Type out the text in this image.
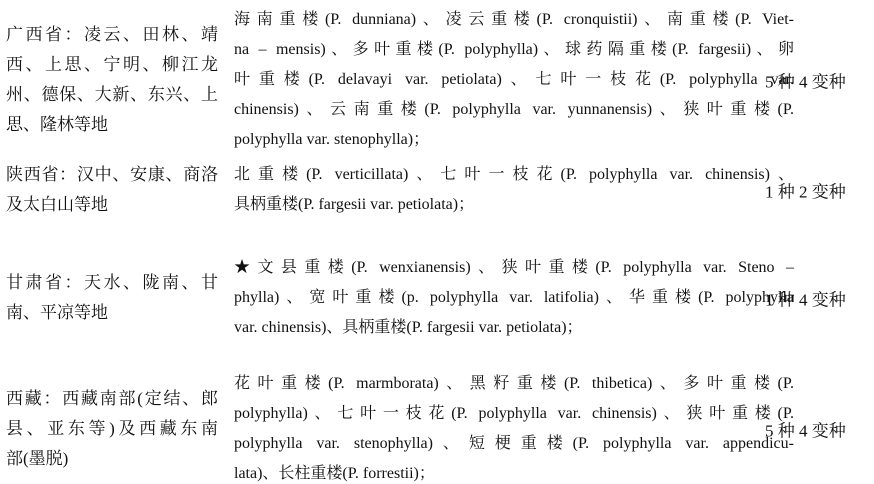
广西省：凌云、田林、靖
西、上思、宁明、柳江龙
州、德保、大新、东兴、上
思、隆林等地
海南重楼(P. dunniana)、凌云重楼(P. cronquistii)、南重楼(P. Viet-
na – mensis)、多叶重楼(P. polyphylla)、球药隔重楼(P. fargesii)、卵
叶重楼(P. delavayi var. petiolata)、七叶一枝花(P. polyphylla var.
chinensis)、云南重楼(P. polyphylla var. yunnanensis)、狭叶重楼(P.
polyphylla var. stenophylla)；
5 种 4 变种
陕西省：汉中、安康、商洛
及太白山等地
北重楼(P. verticillata)、七叶一枝花(P. polyphylla var. chinensis)、
具柄重楼(P. fargesii var. petiolata)；
1 种 2 变种
甘肃省：天水、陇南、甘
南、平凉等地
★文县重楼(P. wenxianensis)、狭叶重楼(P. polyphylla var. Steno –
phylla)、宽叶重楼(p. polyphylla var. latifolia)、华重楼(P. polyphylla
var. chinensis)、具柄重楼(P. fargesii var. petiolata)；
1 种 4 变种
西藏：西藏南部(定结、郎
县、亚东等)及西藏东南
部(墨脱)
花叶重楼(P. marmborata)、黑籽重楼(P. thibetica)、多叶重楼(P.
polyphylla)、七叶一枝花(P. polyphylla var. chinensis)、狭叶重楼(P.
polyphylla var. stenophylla)、短梗重楼(P. polyphylla var. appendicu-
lata)、长柱重楼(P. forrestii)；
5 种 4 变种
